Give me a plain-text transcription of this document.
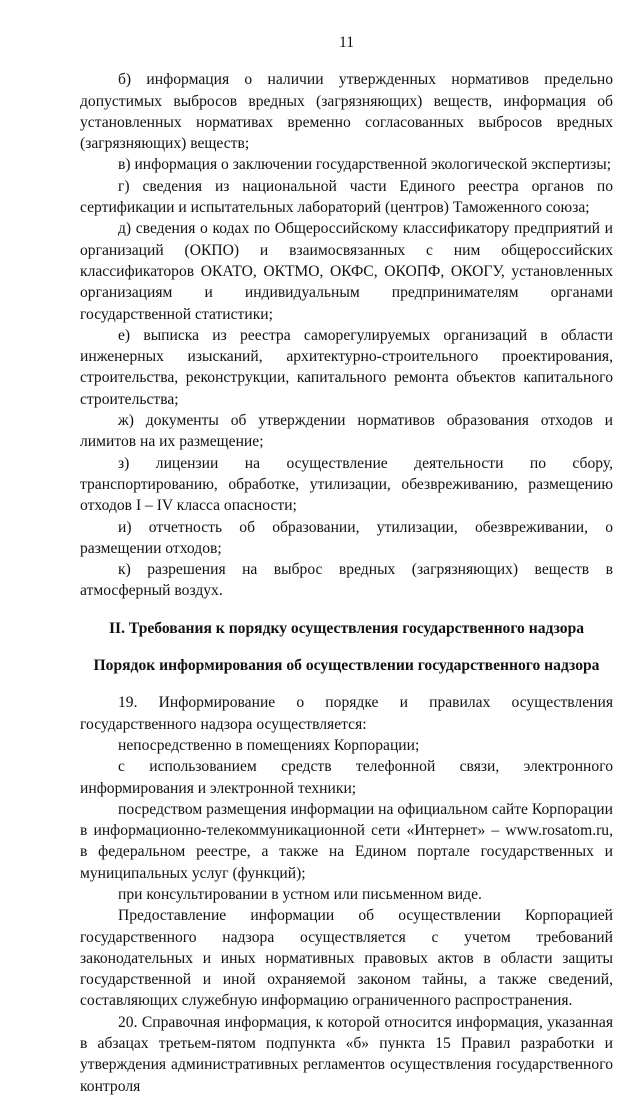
11

б) информация о наличии утвержденных нормативов предельно допустимых выбросов вредных (загрязняющих) веществ, информация об установленных нормативах временно согласованных выбросов вредных (загрязняющих) веществ;

в) информация о заключении государственной экологической экспертизы;

г) сведения из национальной части Единого реестра органов по сертификации и испытательных лабораторий (центров) Таможенного союза;

д) сведения о кодах по Общероссийскому классификатору предприятий и организаций (ОКПО) и взаимосвязанных с ним общероссийских классификаторов ОКАТО, ОКТМО, ОКФС, ОКОПФ, ОКОГУ, установленных организациям и индивидуальным предпринимателям органами государственной статистики;

е) выписка из реестра саморегулируемых организаций в области инженерных изысканий, архитектурно-строительного проектирования, строительства, реконструкции, капитального ремонта объектов капитального строительства;

ж) документы об утверждении нормативов образования отходов и лимитов на их размещение;

з) лицензии на осуществление деятельности по сбору, транспортированию, обработке, утилизации, обезвреживанию, размещению отходов I – IV класса опасности;

и) отчетность об образовании, утилизации, обезвреживании, о размещении отходов;

к) разрешения на выброс вредных (загрязняющих) веществ в атмосферный воздух.

II. Требования к порядку осуществления государственного надзора
Порядок информирования об осуществлении государственного надзора

19. Информирование о порядке и правилах осуществления государственного надзора осуществляется:

непосредственно в помещениях Корпорации;

с использованием средств телефонной связи, электронного информирования и электронной техники;

посредством размещения информации на официальном сайте Корпорации в информационно-телекоммуникационной сети «Интернет» – www.rosatom.ru, в федеральном реестре, а также на Едином портале государственных и муниципальных услуг (функций);

при консультировании в устном или письменном виде.

Предоставление информации об осуществлении Корпорацией государственного надзора осуществляется с учетом требований законодательных и иных нормативных правовых актов в области защиты государственной и иной охраняемой законом тайны, а также сведений, составляющих служебную информацию ограниченного распространения.

20. Справочная информация, к которой относится информация, указанная в абзацах третьем-пятом подпункта «б» пункта 15 Правил разработки и утверждения административных регламентов осуществления государственного контроля
